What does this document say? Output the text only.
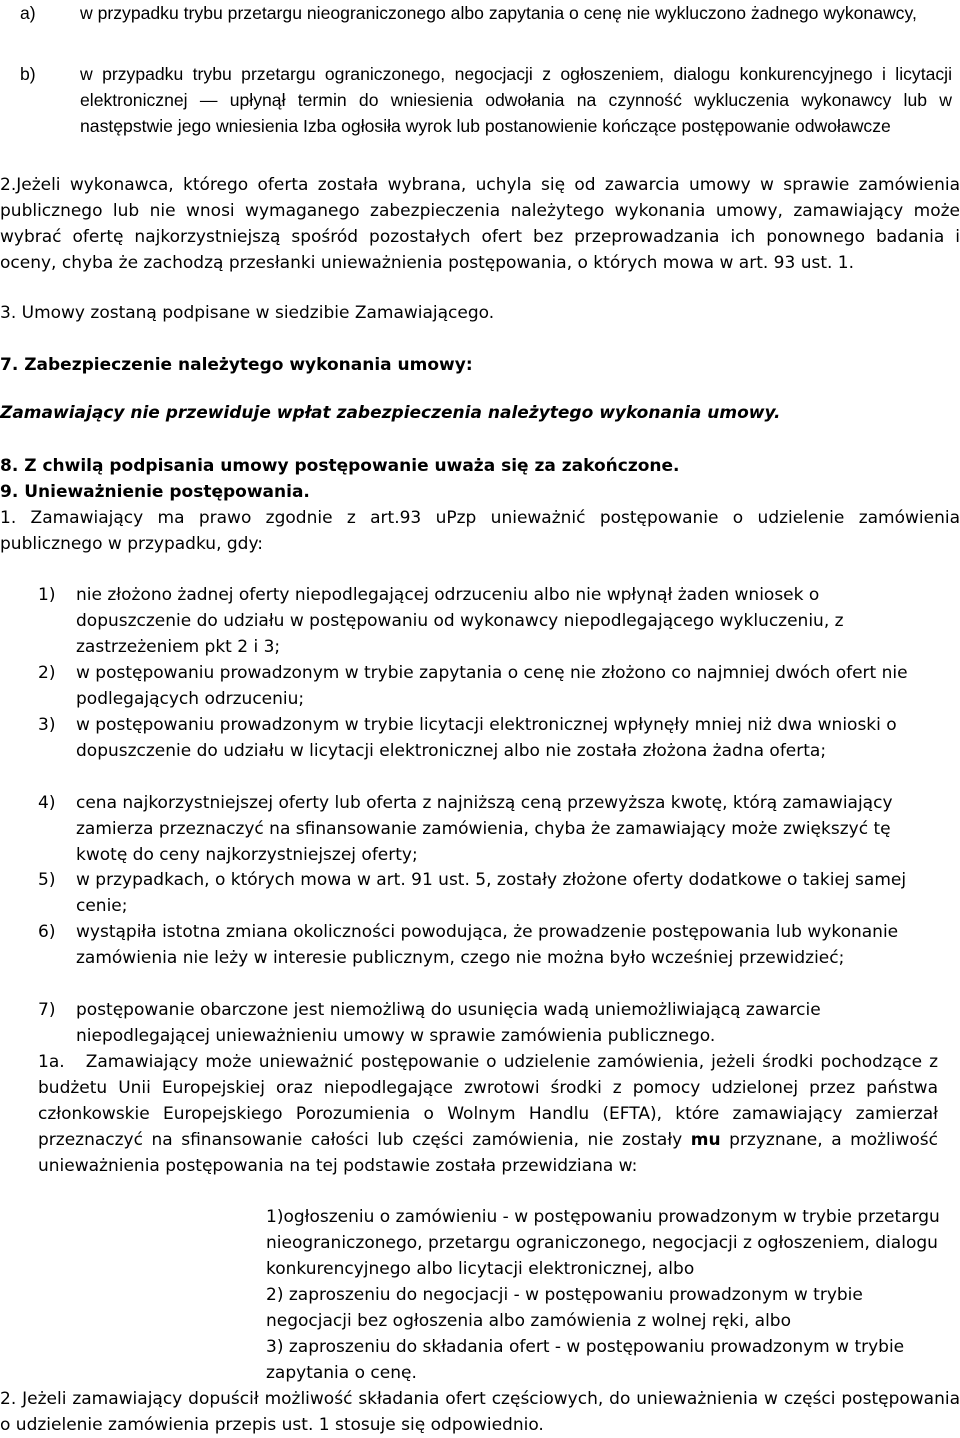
a)	w przypadku trybu przetargu nieograniczonego albo zapytania o cenę nie wykluczono żadnego wykonawcy,

b)	w przypadku trybu przetargu ograniczonego, negocjacji z ogłoszeniem, dialogu konkurencyjnego i licytacji elektronicznej — upłynął termin do wniesienia odwołania na czynność wykluczenia wykonawcy lub w następstwie jego wniesienia Izba ogłosiła wyrok lub postanowienie kończące postępowanie odwoławcze

2.Jeżeli wykonawca, którego oferta została wybrana, uchyla się od zawarcia umowy w sprawie zamówienia publicznego lub nie wnosi wymaganego zabezpieczenia należytego wykonania umowy, zamawiający może wybrać ofertę najkorzystniejszą spośród pozostałych ofert bez przeprowadzania ich ponownego badania i oceny, chyba że zachodzą przesłanki unieważnienia postępowania, o których mowa w art. 93 ust. 1.

3. Umowy zostaną podpisane w siedzibie Zamawiającego.

7. Zabezpieczenie należytego wykonania umowy:

Zamawiający nie przewiduje wpłat zabezpieczenia należytego wykonania umowy.

8. Z chwilą podpisania umowy postępowanie uważa się za zakończone.

9. Unieważnienie postępowania.

1. Zamawiający ma prawo zgodnie z art.93 uPzp unieważnić postępowanie o udzielenie zamówienia publicznego w przypadku, gdy:

1) nie złożono żadnej oferty niepodlegającej odrzuceniu albo nie wpłynął żaden wniosek o dopuszczenie do udziału w postępowaniu od wykonawcy niepodlegającego wykluczeniu, z zastrzeżeniem pkt 2 i 3;

2) w postępowaniu prowadzonym w trybie zapytania o cenę nie złożono co najmniej dwóch ofert nie podlegających odrzuceniu;

3) w postępowaniu prowadzonym w trybie licytacji elektronicznej wpłynęły mniej niż dwa wnioski o dopuszczenie do udziału w licytacji elektronicznej albo nie została złożona żadna oferta;

4) cena najkorzystniejszej oferty lub oferta z najniższą ceną przewyższa kwotę, którą zamawiający zamierza przeznaczyć na sfinansowanie zamówienia, chyba że zamawiający może zwiększyć tę kwotę do ceny najkorzystniejszej oferty;

5) w przypadkach, o których mowa w art. 91 ust. 5, zostały złożone oferty dodatkowe o takiej samej cenie;

6) wystąpiła istotna zmiana okoliczności powodująca, że prowadzenie postępowania lub wykonanie zamówienia nie leży w interesie publicznym, czego nie można było wcześniej przewidzieć;

7) postępowanie obarczone jest niemożliwą do usunięcia wadą uniemożliwiającą zawarcie niepodlegającej unieważnieniu umowy w sprawie zamówienia publicznego.

1a. Zamawiający może unieważnić postępowanie o udzielenie zamówienia, jeżeli środki pochodzące z budżetu Unii Europejskiej oraz niepodlegające zwrotowi środki z pomocy udzielonej przez państwa członkowskie Europejskiego Porozumienia o Wolnym Handlu (EFTA), które zamawiający zamierzał przeznaczyć na sfinansowanie całości lub części zamówienia, nie zostały mu przyznane, a możliwość unieważnienia postępowania na tej podstawie została przewidziana w:

1)ogłoszeniu o zamówieniu - w postępowaniu prowadzonym w trybie przetargu nieograniczonego, przetargu ograniczonego, negocjacji z ogłoszeniem, dialogu konkurencyjnego albo licytacji elektronicznej, albo

2) zaproszeniu do negocjacji - w postępowaniu prowadzonym w trybie negocjacji bez ogłoszenia albo zamówienia z wolnej ręki, albo

3) zaproszeniu do składania ofert - w postępowaniu prowadzonym w trybie zapytania o cenę.

2. Jeżeli zamawiający dopuścił możliwość składania ofert częściowych, do unieważnienia w części postępowania o udzielenie zamówienia przepis ust. 1 stosuje się odpowiednio.
